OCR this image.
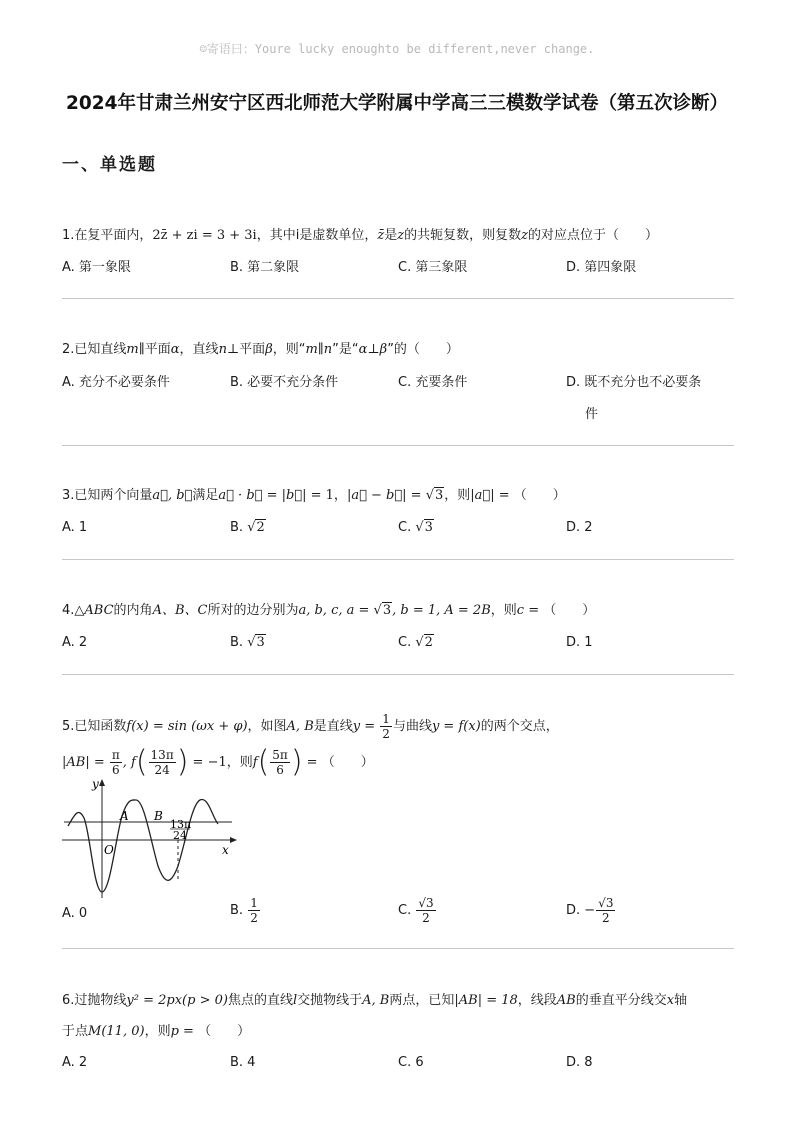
☺寄语曰：Youre lucky enoughto be different,never change.
2024年甘肃兰州安宁区西北师范大学附属中学高三三模数学试卷（第五次诊断）
一、单选题
1.在复平面内，2z̄ + zi = 3 + 3i，其中i是虚数单位，z̄是z的共轭复数，则复数z的对应点位于（　　）
A. 第一象限	B. 第二象限	C. 第三象限	D. 第四象限
2.已知直线m∥平面α，直线n⊥平面β，则“m∥n”是“α⊥β”的（　　）
A. 充分不必要条件	B. 必要不充分条件	C. 充要条件	D. 既不充分也不必要条
件
3.已知两个向量a⃗, b⃗满足a⃗ · b⃗ = |b⃗| = 1，|a⃗ − b⃗| = √3，则|a⃗| = （　　）
A. 1	B. √2	C. √3	D. 2
4.△ABC的内角A、B、C所对的边分别为a, b, c, a = √3, b = 1, A = 2B，则c = （　　）
A. 2	B. √3	C. √2	D. 1
5.已知函数f(x) = sin (ωx + φ)，如图A, B是直线$y = \frac{1}{2}$ 与曲线y = f(x)的两个交点，
$|AB| = \frac{\pi}{6}$ , $f( \frac{13\pi}{24}$ ) = −1，则$f( \frac{5\pi}{6}$ ) = （　　）
y
x
O
A B
13π
24
A. 0	B. $\frac{1}{2}$	C. $\frac{√3}{2}$	D. − $\frac{√3}{2}$
6.过抛物线y² = 2px(p > 0)焦点的直线l交抛物线于A, B两点，已知|AB| = 18，线段AB的垂直平分线交x轴
于点M(11, 0)，则p = （　　）
A. 2	B. 4	C. 6	D. 8
